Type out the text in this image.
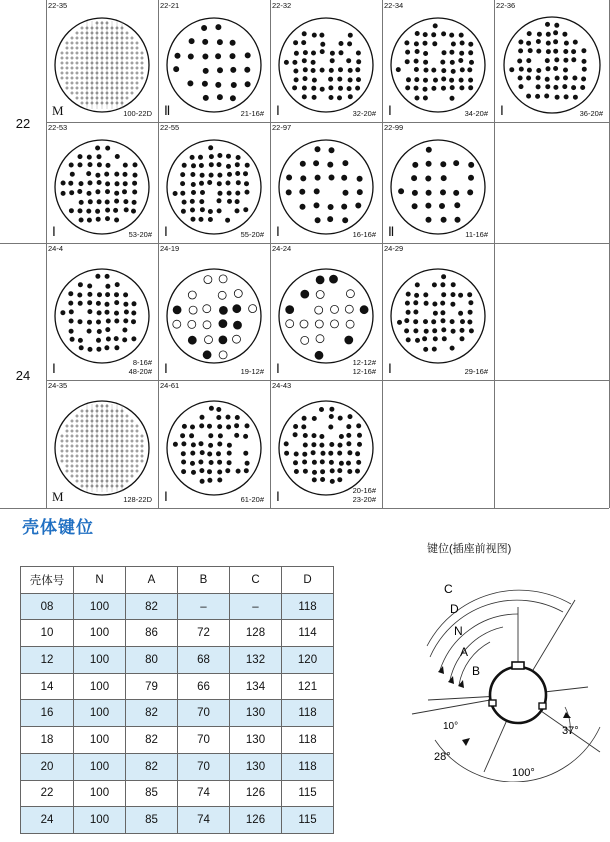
22
24
22-35
M	100-22D
22-21
Ⅱ	21-16#
22-32
Ⅰ	32-20#
22-34
Ⅰ	34-20#
22-36
Ⅰ	36-20#
22-53
Ⅰ	53-20#
22-55
Ⅰ	55-20#
22-97
Ⅰ	16-16#
22-99
Ⅱ	11-16#
24-4
Ⅰ	8-16#
48-20#
24-19
Ⅰ	19-12#
24-24
Ⅰ	12-12#
12-16#
24-29
Ⅰ	29-16#
24-35
M	128-22D
24-61
Ⅰ	61-20#
24-43
Ⅰ	20-16#
23-20#
壳体键位
壳体号	N	A	B	C	D
08	100	82	–	–	118
10	100	86	72	128	114
12	100	80	68	132	120
14	100	79	66	134	121
16	100	82	70	130	118
18	100	82	70	130	118
20	100	82	70	130	118
22	100	85	74	126	115
24	100	85	74	126	115
键位(插座前视图)
C
D
N
A
B
10°
28°
100°
37°
